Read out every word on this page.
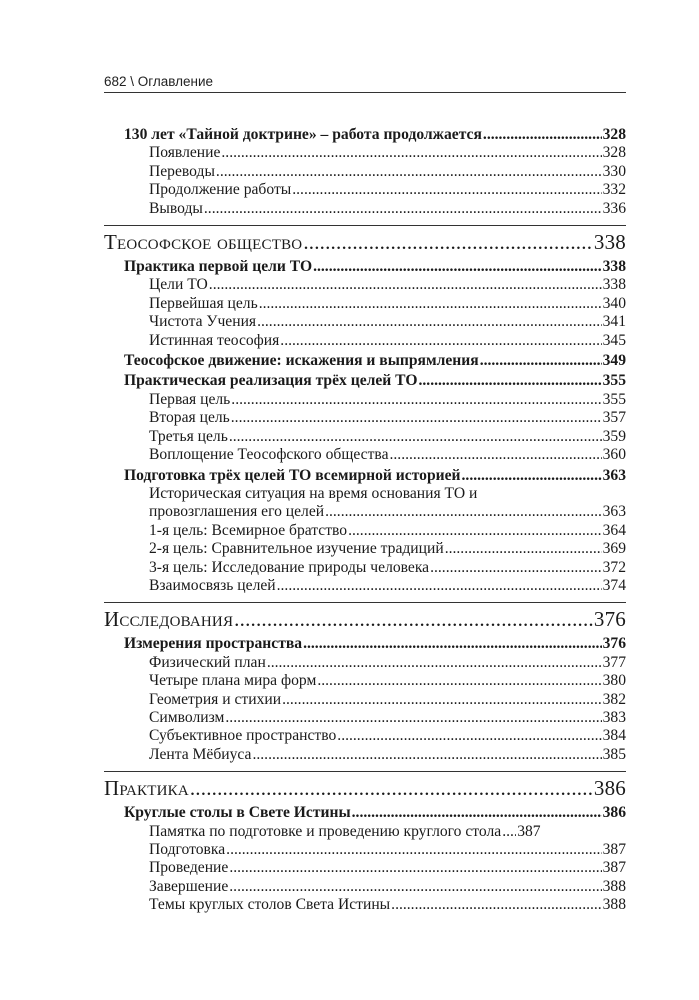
682 \ Оглавление
130 лет «Тайной доктрине» – работа продолжается .....	328
Появление .....	328
Переводы .....	330
Продолжение работы .....	332
Выводы .....	336
Теософское общество .....	338
Практика первой цели ТО .....	338
Цели ТО .....	338
Первейшая цель .....	340
Чистота Учения .....	341
Истинная теософия .....	345
Теософское движение: искажения и выпрямления .....	349
Практическая реализация трёх целей ТО .....	355
Первая цель .....	355
Вторая цель .....	357
Третья цель .....	359
Воплощение Теософского общества .....	360
Подготовка трёх целей ТО всемирной историей .....	363
Историческая ситуация на время основания ТО и
провозглашения его целей .....	363
1-я цель: Всемирное братство .....	364
2-я цель: Сравнительное изучение традиций .....	369
3-я цель: Исследование природы человека .....	372
Взаимосвязь целей .....	374
Исследования .....	376
Измерения пространства .....	376
Физический план .....	377
Четыре плана мира форм .....	380
Геометрия и стихии .....	382
Символизм .....	383
Субъективное пространство .....	384
Лента Мёбиуса .....	385
Практика .....	386
Круглые столы в Свете Истины .....	386
Памятка по подготовке и проведению круглого стола ..... 387
Подготовка .....	387
Проведение .....	387
Завершение .....	388
Темы круглых столов Света Истины .....	388
